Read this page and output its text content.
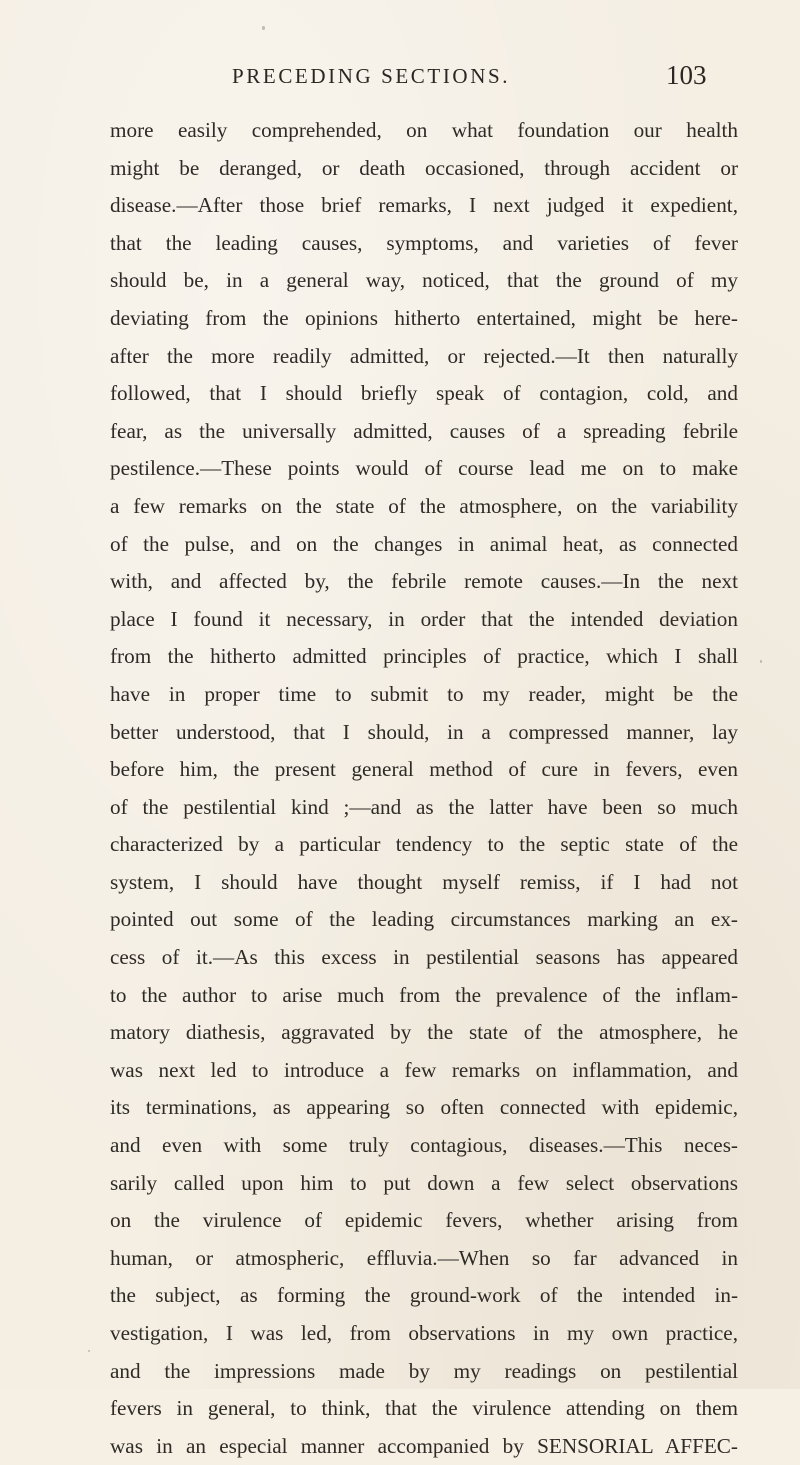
PRECEDING SECTIONS.	103
more easily comprehended, on what foundation our health
might be deranged, or death occasioned, through accident or
disease.—After those brief remarks, I next judged it expedient,
that the leading causes, symptoms, and varieties of fever
should be, in a general way, noticed, that the ground of my
deviating from the opinions hitherto entertained, might be here-
after the more readily admitted, or rejected.—It then naturally
followed, that I should briefly speak of contagion, cold, and
fear, as the universally admitted, causes of a spreading febrile
pestilence.—These points would of course lead me on to make
a few remarks on the state of the atmosphere, on the variability
of the pulse, and on the changes in animal heat, as connected
with, and affected by, the febrile remote causes.—In the next
place I found it necessary, in order that the intended deviation
from the hitherto admitted principles of practice, which I shall
have in proper time to submit to my reader, might be the
better understood, that I should, in a compressed manner, lay
before him, the present general method of cure in fevers, even
of the pestilential kind ;—and as the latter have been so much
characterized by a particular tendency to the septic state of the
system, I should have thought myself remiss, if I had not
pointed out some of the leading circumstances marking an ex-
cess of it.—As this excess in pestilential seasons has appeared
to the author to arise much from the prevalence of the inflam-
matory diathesis, aggravated by the state of the atmosphere, he
was next led to introduce a few remarks on inflammation, and
its terminations, as appearing so often connected with epidemic,
and even with some truly contagious, diseases.—This neces-
sarily called upon him to put down a few select observations
on the virulence of epidemic fevers, whether arising from
human, or atmospheric, effluvia.—When so far advanced in
the subject, as forming the ground-work of the intended in-
vestigation, I was led, from observations in my own practice,
and the impressions made by my readings on pestilential
fevers in general, to think, that the virulence attending on them
was in an especial manner accompanied by SENSORIAL AFFEC-
